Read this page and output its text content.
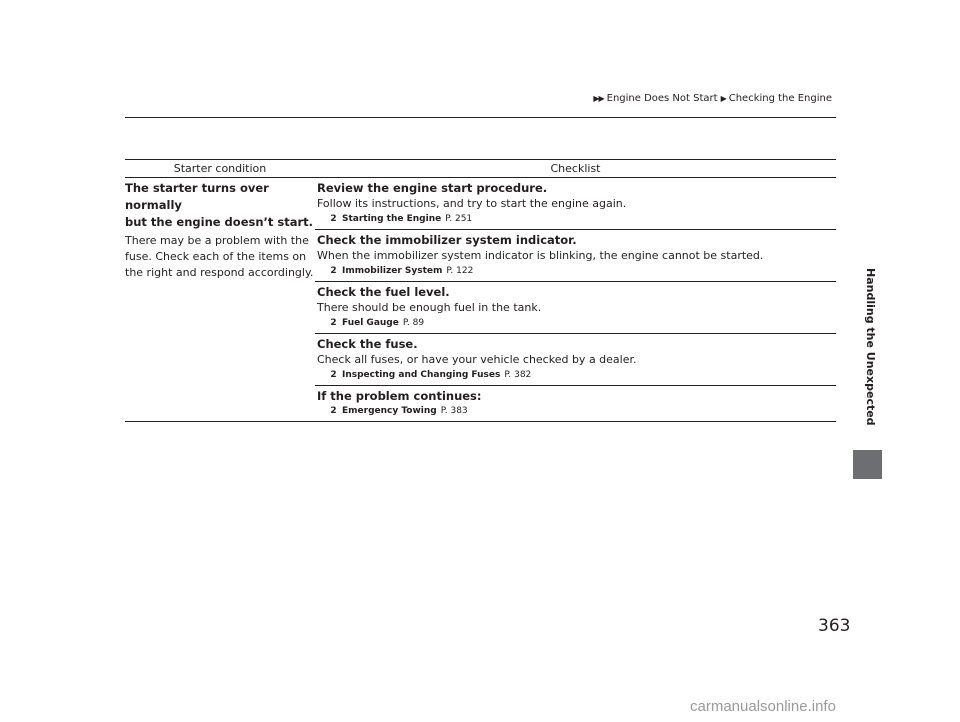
▶▶ Engine Does Not Start ▶ Checking the Engine
Handling the Unexpected
Starter condition	Checklist
The starter turns over normally
but the engine doesn’t start.
There may be a problem with the
fuse. Check each of the items on
the right and respond accordingly.
Review the engine start procedure.
Follow its instructions, and try to start the engine again.
2 Starting the Engine P. 251
Check the immobilizer system indicator.
When the immobilizer system indicator is blinking, the engine cannot be started.
2 Immobilizer System P. 122
Check the fuel level.
There should be enough fuel in the tank.
2 Fuel Gauge P. 89
Check the fuse.
Check all fuses, or have your vehicle checked by a dealer.
2 Inspecting and Changing Fuses P. 382
If the problem continues:
2 Emergency Towing P. 383
363
carmanualsonline.info
